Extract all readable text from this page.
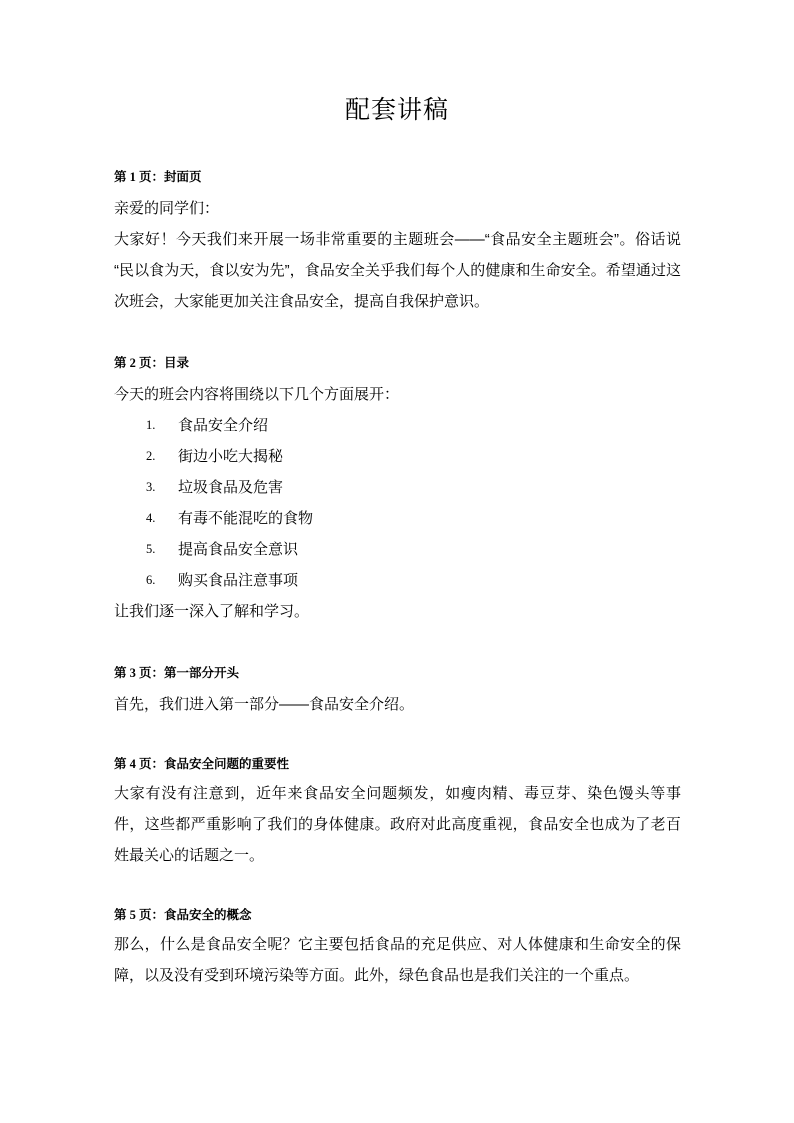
配套讲稿
第 1 页：封面页

亲爱的同学们：

大家好！今天我们来开展一场非常重要的主题班会——“食品安全主题班会”。俗话说“民以食为天，食以安为先”，食品安全关乎我们每个人的健康和生命安全。希望通过这次班会，大家能更加关注食品安全，提高自我保护意识。

第 2 页：目录

今天的班会内容将围绕以下几个方面展开：

1. 食品安全介绍
2. 街边小吃大揭秘
3. 垃圾食品及危害
4. 有毒不能混吃的食物
5. 提高食品安全意识
6. 购买食品注意事项

让我们逐一深入了解和学习。

第 3 页：第一部分开头

首先，我们进入第一部分——食品安全介绍。

第 4 页：食品安全问题的重要性

大家有没有注意到，近年来食品安全问题频发，如瘦肉精、毒豆芽、染色馒头等事件，这些都严重影响了我们的身体健康。政府对此高度重视，食品安全也成为了老百姓最关心的话题之一。

第 5 页：食品安全的概念

那么，什么是食品安全呢？它主要包括食品的充足供应、对人体健康和生命安全的保障，以及没有受到环境污染等方面。此外，绿色食品也是我们关注的一个重点。
